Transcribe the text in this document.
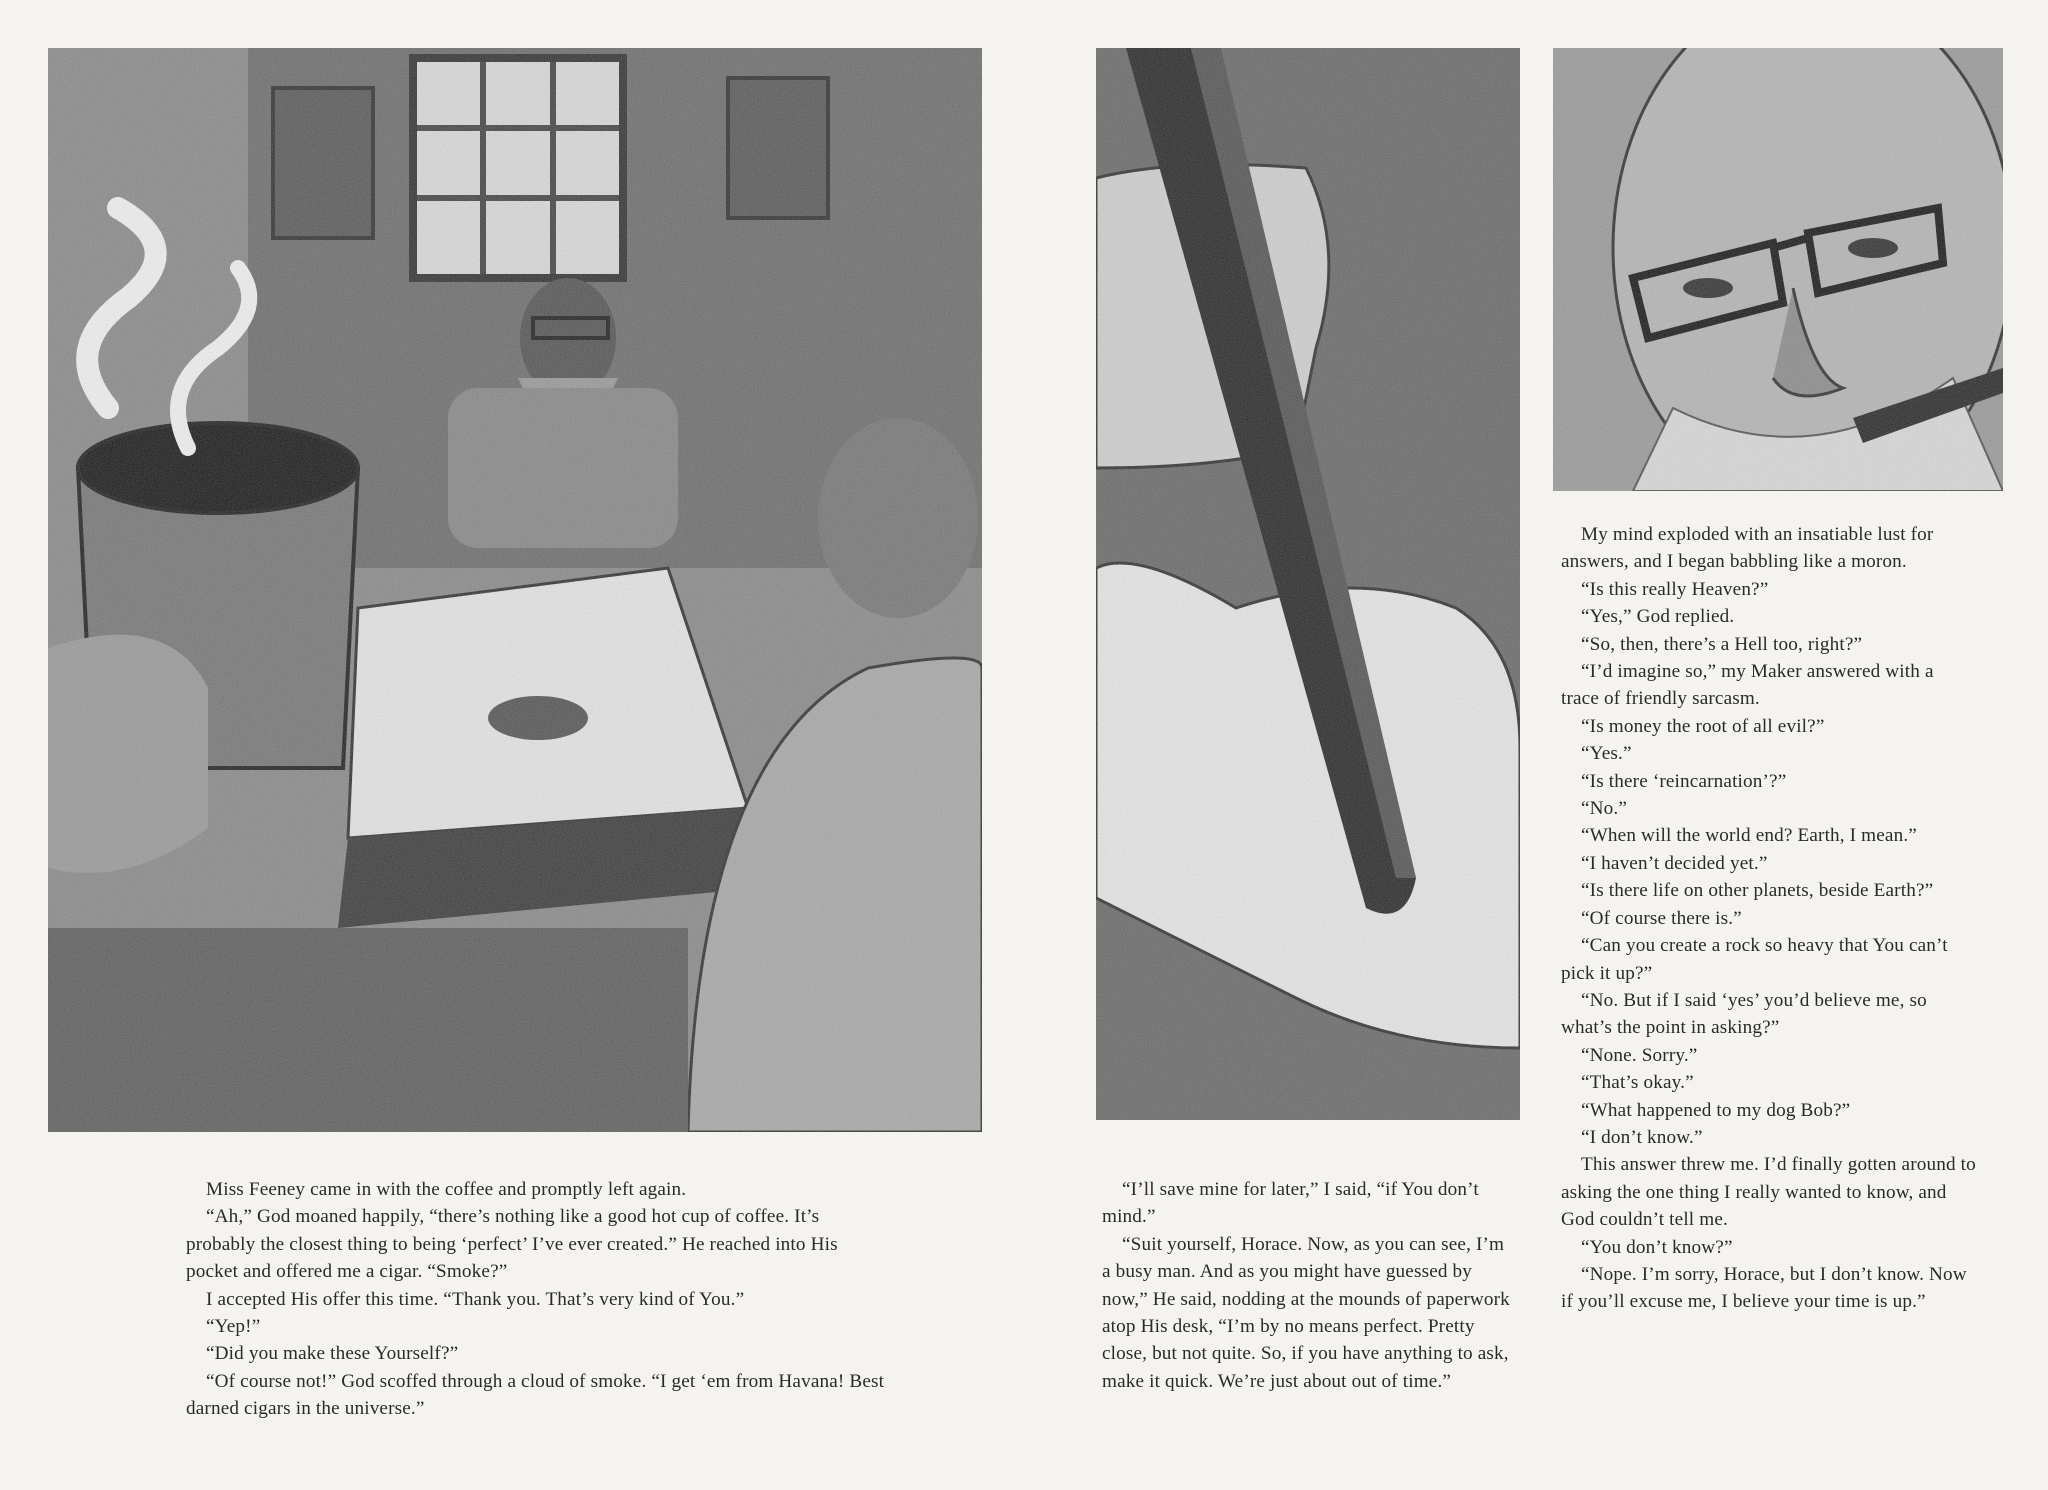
Miss Feeney came in with the coffee and promptly left again.

“Ah,” God moaned happily, “there’s nothing like a good hot cup of coffee. It’s probably the closest thing to being ‘perfect’ I’ve ever created.” He reached into His pocket and offered me a cigar. “Smoke?”

I accepted His offer this time. “Thank you. That’s very kind of You.”

“Yep!”

“Did you make these Yourself?”

“Of course not!” God scoffed through a cloud of smoke. “I get ‘em from Havana! Best darned cigars in the universe.”

“I’ll save mine for later,” I said, “if You don’t mind.”

“Suit yourself, Horace. Now, as you can see, I’m a busy man. And as you might have guessed by now,” He said, nodding at the mounds of paperwork atop His desk, “I’m by no means perfect. Pretty close, but not quite. So, if you have anything to ask, make it quick. We’re just about out of time.”

My mind exploded with an insatiable lust for answers, and I began babbling like a moron.

“Is this really Heaven?”

“Yes,” God replied.

“So, then, there’s a Hell too, right?”

“I’d imagine so,” my Maker answered with a trace of friendly sarcasm.

“Is money the root of all evil?”

“Yes.”

“Is there ‘reincarnation’?”

“No.”

“When will the world end? Earth, I mean.”

“I haven’t decided yet.”

“Is there life on other planets, beside Earth?”

“Of course there is.”

“Can you create a rock so heavy that You can’t pick it up?”

“No. But if I said ‘yes’ you’d believe me, so what’s the point in asking?”

“None. Sorry.”

“That’s okay.”

“What happened to my dog Bob?”

“I don’t know.”

This answer threw me. I’d finally gotten around to asking the one thing I really wanted to know, and God couldn’t tell me.

“You don’t know?”

“Nope. I’m sorry, Horace, but I don’t know. Now if you’ll excuse me, I believe your time is up.”
